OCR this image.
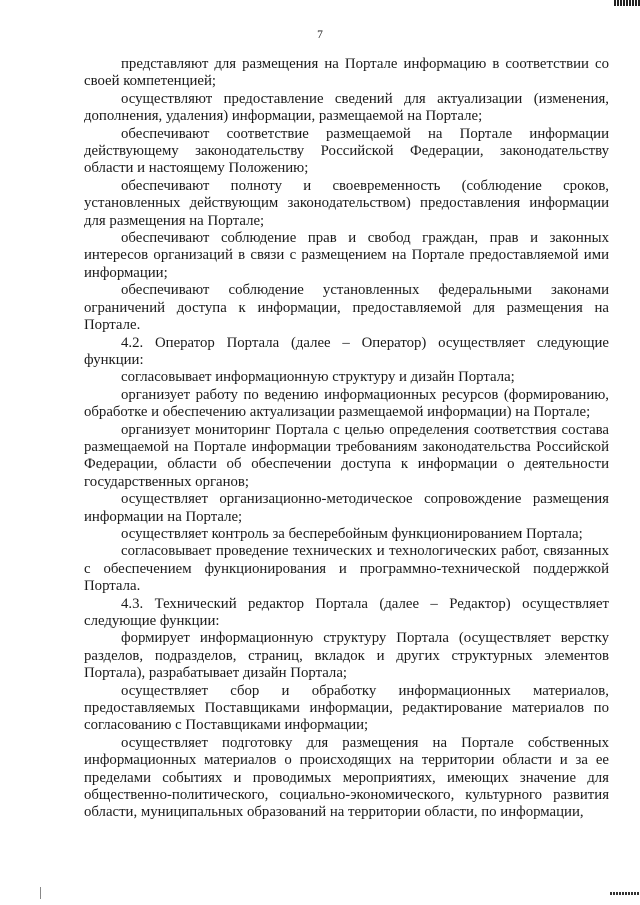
7

представляют для размещения на Портале информацию в соответствии со своей компетенцией;

осуществляют предоставление сведений для актуализации (изменения, дополнения, удаления) информации, размещаемой на Портале;

обеспечивают соответствие размещаемой на Портале информации действующему законодательству Российской Федерации, законодательству области и настоящему Положению;

обеспечивают полноту и своевременность (соблюдение сроков, установленных действующим законодательством) предоставления информации для размещения на Портале;

обеспечивают соблюдение прав и свобод граждан, прав и законных интересов организаций в связи с размещением на Портале предоставляемой ими информации;

обеспечивают соблюдение установленных федеральными законами ограничений доступа к информации, предоставляемой для размещения на Портале.

4.2. Оператор Портала (далее – Оператор) осуществляет следующие функции:

согласовывает информационную структуру и дизайн Портала;

организует работу по ведению информационных ресурсов (формированию, обработке и обеспечению актуализации размещаемой информации) на Портале;

организует мониторинг Портала с целью определения соответствия состава размещаемой на Портале информации требованиям законодательства Российской Федерации, области об обеспечении доступа к информации о деятельности государственных органов;

осуществляет организационно-методическое сопровождение размещения информации на Портале;

осуществляет контроль за бесперебойным функционированием Портала;

согласовывает проведение технических и технологических работ, связанных с обеспечением функционирования и программно-технической поддержкой Портала.

4.3. Технический редактор Портала (далее – Редактор) осуществляет следующие функции:

формирует информационную структуру Портала (осуществляет верстку разделов, подразделов, страниц, вкладок и других структурных элементов Портала), разрабатывает дизайн Портала;

осуществляет сбор и обработку информационных материалов, предоставляемых Поставщиками информации, редактирование материалов по согласованию с Поставщиками информации;

осуществляет подготовку для размещения на Портале собственных информационных материалов о происходящих на территории области и за ее пределами событиях и проводимых мероприятиях, имеющих значение для общественно-политического, социально-экономического, культурного развития области, муниципальных образований на территории области, по информации,
